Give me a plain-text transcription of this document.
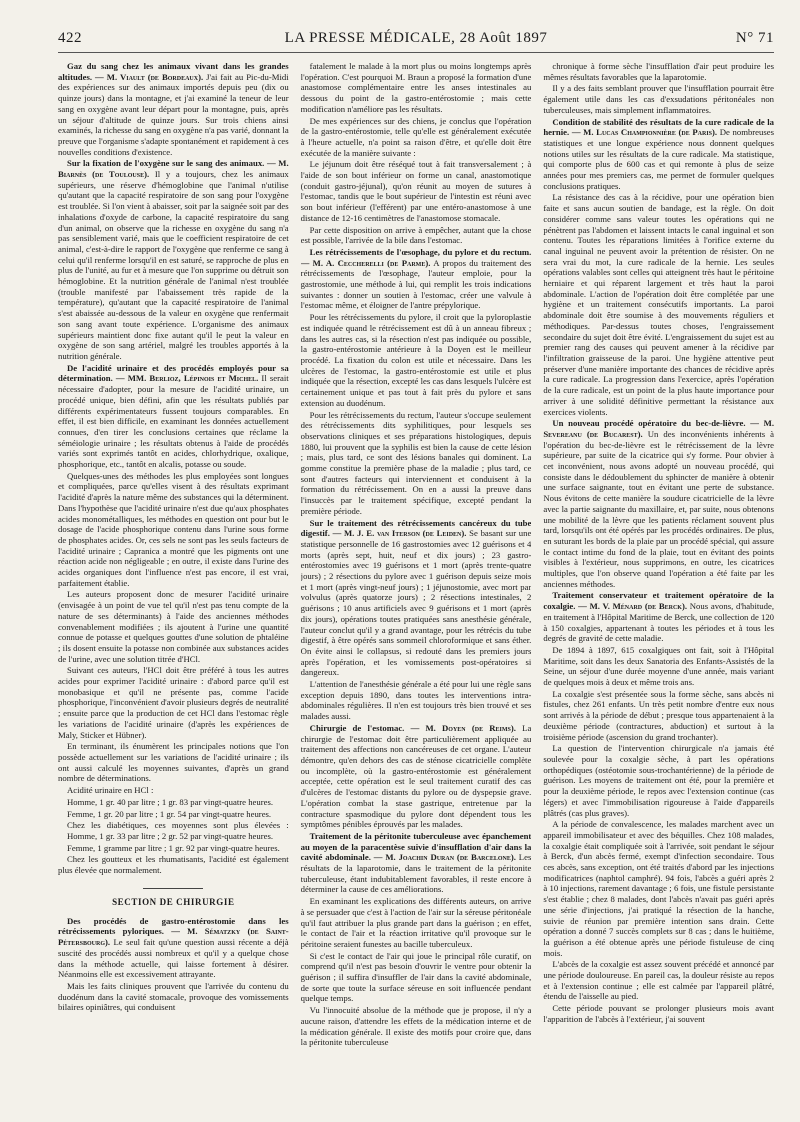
422	LA PRESSE MÉDICALE, 28 Août 1897	N° 71

Gaz du sang chez les animaux vivant dans les grandes altitudes. — M. Viault (de Bordeaux). J'ai fait au Pic-du-Midi des expériences sur des animaux importés depuis peu (dix ou quinze jours) dans la montagne, et j'ai examiné la teneur de leur sang en oxygène avant leur départ pour la montagne, puis, après un séjour d'altitude de quinze jours. Sur trois chiens ainsi examinés, la richesse du sang en oxygène n'a pas varié, donnant la preuve que l'organisme s'adapte spontanément et rapidement à ces nouvelles conditions d'existence.

Sur la fixation de l'oxygène sur le sang des animaux. — M. Biarnès (de Toulouse). Il y a toujours, chez les animaux supérieurs, une réserve d'hémoglobine que l'animal n'utilise qu'autant que la capacité respiratoire de son sang pour l'oxygène est troublée. Si l'on vient à abaisser, soit par la saignée soit par des inhalations d'oxyde de carbone, la capacité respiratoire du sang d'un animal, on observe que la richesse en oxygène du sang n'a pas sensiblement varié, mais que le coefficient respiratoire de cet animal, c'est-à-dire le rapport de l'oxygène que renferme ce sang à celui qu'il renferme lorsqu'il en est saturé, se rapproche de plus en plus de l'unité, au fur et à mesure que l'on supprime ou détruit son hémoglobine. Et la nutrition générale de l'animal n'est troublée (trouble manifesté par l'abaissement très rapide de la température), qu'autant que la capacité respiratoire de l'animal s'est abaissée au-dessous de la valeur en oxygène que renfermait son sang avant toute expérience. L'organisme des animaux supérieurs maintient donc fixe autant qu'il le peut la valeur en oxygène de son sang artériel, malgré les troubles apportés à la nutrition générale.

De l'acidité urinaire et des procédés employés pour sa détermination. — MM. Berlioz, Lépinois et Michel. Il serait nécessaire d'adopter, pour la mesure de l'acidité urinaire, un procédé unique, bien défini, afin que les résultats publiés par différents expérimentateurs fussent toujours comparables. En effet, il est bien difficile, en examinant les données actuellement connues, d'en tirer les conclusions certaines que réclame la séméiologie urinaire ; les résultats obtenus à l'aide de procédés variés sont exprimés tantôt en acides, chlorhydrique, oxalique, phosphorique, etc., tantôt en alcalis, potasse ou soude.

Quelques-unes des méthodes les plus employées sont longues et compliquées, parce qu'elles visent à des résultats exprimant l'acidité d'après la nature même des substances qui la déterminent. Dans l'hypothèse que l'acidité urinaire n'est due qu'aux phosphates acides monométalliques, les méthodes en question ont pour but le dosage de l'acide phosphorique contenu dans l'urine sous forme de phosphates acides. Or, ces sels ne sont pas les seuls facteurs de l'acidité urinaire ; Capranica a montré que les pigments ont une réaction acide non négligeable ; en outre, il existe dans l'urine des acides organiques dont l'influence n'est pas encore, il est vrai, parfaitement établie.

Les auteurs proposent donc de mesurer l'acidité urinaire (envisagée à un point de vue tel qu'il n'est pas tenu compte de la nature de ses déterminants) à l'aide des anciennes méthodes convenablement modifiées ; ils ajoutent à l'urine une quantité connue de potasse et quelques gouttes d'une solution de phtaléine ; ils dosent ensuite la potasse non combinée aux substances acides de l'urine, avec une solution titrée d'HCl.

Suivant ces auteurs, l'HCl doit être préféré à tous les autres acides pour exprimer l'acidité urinaire : d'abord parce qu'il est monobasique et qu'il ne présente pas, comme l'acide phosphorique, l'inconvénient d'avoir plusieurs degrés de neutralité ; ensuite parce que la production de cet HCl dans l'estomac règle les variations de l'acidité urinaire (d'après les expériences de Maly, Sticker et Hübner).

En terminant, ils énumèrent les principales notions que l'on possède actuellement sur les variations de l'acidité urinaire ; ils ont aussi calculé les moyennes suivantes, d'après un grand nombre de déterminations.

Acidité urinaire en HCl :

Homme, 1 gr. 40 par litre ; 1 gr. 83 par vingt-quatre heures.

Femme, 1 gr. 20 par litre ; 1 gr. 54 par vingt-quatre heures.

Chez les diabétiques, ces moyennes sont plus élevées : Homme, 1 gr. 33 par litre ; 2 gr. 52 par vingt-quatre heures.

Femme, 1 gramme par litre ; 1 gr. 92 par vingt-quatre heures.

Chez les goutteux et les rhumatisants, l'acidité est également plus élevée que normalement.

SECTION DE CHIRURGIE

Des procédés de gastro-entérostomie dans les rétrécissements pyloriques. — M. Sématzky (de Saint-Pétersbourg). Le seul fait qu'une question aussi récente a déjà suscité des procédés aussi nombreux et qu'il y a quelque chose dans la méthode actuelle, qui laisse fortement à désirer. Néanmoins elle est excessivement attrayante.

Mais les faits cliniques prouvent que l'arrivée du contenu du duodénum dans la cavité stomacale, provoque des vomissements bilaires opiniâtres, qui conduisent

fatalement le malade à la mort plus ou moins longtemps après l'opération. C'est pourquoi M. Braun a proposé la formation d'une anastomose complémentaire entre les anses intestinales au dessous du point de la gastro-entérostomie ; mais cette modification n'améliore pas les résultats.

De mes expériences sur des chiens, je conclus que l'opération de la gastro-entérostomie, telle qu'elle est généralement exécutée à l'heure actuelle, n'a point sa raison d'être, et qu'elle doit être exécutée de la manière suivante :

Le jéjunum doit être réséqué tout à fait transversalement ; à l'aide de son bout inférieur on forme un canal, anastomotique (conduit gastro-jéjunal), qu'on réunit au moyen de sutures à l'estomac, tandis que le bout supérieur de l'intestin est réuni avec son bout inférieur (l'efférent) par une entéro-anastomose à une distance de 12-16 centimètres de l'anastomose stomacale.

Par cette disposition on arrive à empêcher, autant que la chose est possible, l'arrivée de la bile dans l'estomac.

Les rétrécissements de l'œsophage, du pylore et du rectum. — M. A. Ceccherelli (de Parme). A propos du traitement des rétrécissements de l'œsophage, l'auteur emploie, pour la gastrostomie, une méthode à lui, qui remplit les trois indications suivantes : donner un soutien à l'estomac, créer une valvule à l'estomac même, et éloigner de l'antre prépylorique.

Pour les rétrécissements du pylore, il croit que la pyloroplastie est indiquée quand le rétrécissement est dû à un anneau fibreux ; dans les autres cas, si la résection n'est pas indiquée ou possible, la gastro-entérostomie antérieure à la Doyen est le meilleur procédé. La fixation du colon est utile et nécessaire. Dans les ulcères de l'estomac, la gastro-entérostomie est utile et plus indiquée que la résection, excepté les cas dans lesquels l'ulcère est certainement unique et pas tout à fait près du pylore et sans extension au duodénum.

Pour les rétrécissements du rectum, l'auteur s'occupe seulement des rétrécissements dits syphilitiques, pour lesquels ses observations cliniques et ses préparations histologiques, depuis 1880, lui prouvent que la syphilis est bien la cause de cette lésion ; mais, plus tard, ce sont des lésions banales qui dominent. La gomme constitue la première phase de la maladie ; plus tard, ce sont d'autres facteurs qui interviennent et conduisent à la formation du rétrécissement. On en a aussi la preuve dans l'insuccès par le traitement spécifique, excepté pendant la première période.

Sur le traitement des rétrécissements cancéreux du tube digestif. — M. J. E. van Iterson (de Leiden). Se basant sur une statistique personnelle de 16 gastrostomies avec 12 guérisons et 4 morts (après sept, huit, neuf et dix jours) ; 23 gastro-entérostomies avec 19 guérisons et 1 mort (après trente-quatre jours) ; 2 résections du pylore avec 1 guérison depuis seize mois et 1 mort (après vingt-neuf jours) ; 1 jéjunostomie, avec mort par volvulus (après quatorze jours) ; 2 résections intestinales, 2 guérisons ; 10 anus artificiels avec 9 guérisons et 1 mort (après dix jours), opérations toutes pratiquées sans anesthésie générale, l'auteur conclut qu'il y a grand avantage, pour les rétrécis du tube digestif, à être opérés sans sommeil chloroformique et sans éther. On évite ainsi le collapsus, si redouté dans les premiers jours après l'opération, et les vomissements post-opératoires si dangereux.

L'attention de l'anesthésie générale a été pour lui une règle sans exception depuis 1890, dans toutes les interventions intra-abdominales régulières. Il n'en est toujours très bien trouvé et ses malades aussi.

Chirurgie de l'estomac. — M. Doyen (de Reims). La chirurgie de l'estomac doit être particulièrement appliquée au traitement des affections non cancéreuses de cet organe. L'auteur démontre, qu'en dehors des cas de sténose cicatricielle complète ou incomplète, où la gastro-entérostomie est généralement acceptée, cette opération est le seul traitement curatif des cas d'ulcères de l'estomac distants du pylore ou de dyspepsie grave. L'opération combat la stase gastrique, entretenue par la contracture spasmodique du pylore dont dépendent tous les symptômes pénibles éprouvés par les malades.

Traitement de la péritonite tuberculeuse avec épanchement au moyen de la paracentèse suivie d'insufflation d'air dans la cavité abdominale. — M. Joachin Duran (de Barcelone). Les résultats de la laparotomie, dans le traitement de la péritonite tuberculeuse, étant indubitablement favorables, il reste encore à déterminer la cause de ces améliorations.

En examinant les explications des différents auteurs, on arrive à se persuader que c'est à l'action de l'air sur la séreuse péritonéale qu'il faut attribuer la plus grande part dans la guérison ; en effet, le contact de l'air et la réaction irritative qu'il provoque sur le péritoine seraient funestes au bacille tuberculeux.

Si c'est le contact de l'air qui joue le principal rôle curatif, on comprend qu'il n'est pas besoin d'ouvrir le ventre pour obtenir la guérison ; il suffira d'insuffler de l'air dans la cavité abdominale, de sorte que toute la surface séreuse en soit influencée pendant quelque temps.

Vu l'innocuité absolue de la méthode que je propose, il n'y a aucune raison, d'attendre les effets de la médication interne et de la médication générale. Il existe des motifs pour croire que, dans la péritonite tuberculeuse

chronique à forme sèche l'insufflation d'air peut produire les mêmes résultats favorables que la laparotomie.

Il y a des faits semblant prouver que l'insufflation pourrait être également utile dans les cas d'exsudations péritonéales non tuberculeuses, mais simplement inflammatoires.

Condition de stabilité des résultats de la cure radicale de la hernie. — M. Lucas Championnière (de Paris). De nombreuses statistiques et une longue expérience nous donnent quelques notions utiles sur les résultats de la cure radicale. Ma statistique, qui comporte plus de 600 cas et qui remonte à plus de seize années pour mes premiers cas, me permet de formuler quelques conclusions pratiques.

La résistance des cas à la récidive, pour une opération bien faite et sans aucun soutien de bandage, est la règle. On doit considérer comme sans valeur toutes les opérations qui ne pénètrent pas l'abdomen et laissent intacts le canal inguinal et son contenu. Toutes les réparations limitées à l'orifice externe du canal inguinal ne peuvent avoir la prétention de résister. On ne sera vrai du mot, la cure radicale de la hernie. Les seules opérations valables sont celles qui atteignent très haut le péritoine herniaire et qui réparent largement et très haut la paroi abdominale. L'action de l'opération doit être complétée par une hygiène et un traitement consécutifs importants. La paroi abdominale doit être soumise à des mouvements réguliers et méthodiques. Par-dessus toutes choses, l'engraissement secondaire du sujet doit être évité. L'engraissement du sujet est au premier rang des causes qui peuvent amener à la récidive par l'infiltration graisseuse de la paroi. Une hygiène attentive peut préserver d'une manière importante des chances de récidive après la cure radicale. La progression dans l'exercice, après l'opération de la cure radicale, est un point de la plus haute importance pour arriver à une solidité définitive permettant la résistance aux exercices violents.

Un nouveau procédé opératoire du bec-de-lièvre. — M. Severeanu (de Bucarest). Un des inconvénients inhérents à l'opération du bec-de-lièvre est le rétrécissement de la lèvre supérieure, par suite de la cicatrice qui s'y forme. Pour obvier à cet inconvénient, nous avons adopté un nouveau procédé, qui consiste dans le dédoublement du sphincter de manière à obtenir une surface saignante, tout en évitant une perte de substance. Nous évitons de cette manière la soudure cicatricielle de la lèvre avec la partie saignante du maxillaire, et, par suite, nous obtenons une mobilité de la lèvre que les patients réclament souvent plus tard, lorsqu'ils ont été opérés par les procédés ordinaires. De plus, en suturant les bords de la plaie par un procédé spécial, qui assure le contact intime du fond de la plaie, tout en évitant des points visibles à l'extérieur, nous supprimons, en outre, les cicatrices multiples, que l'on observe quand l'opération a été faite par les anciennes méthodes.

Traitement conservateur et traitement opératoire de la coxalgie. — M. V. Ménard (de Berck). Nous avons, d'habitude, en traitement à l'Hôpital Maritime de Berck, une collection de 120 à 150 coxalgies, appartenant à toutes les périodes et à tous les degrés de gravité de cette maladie.

De 1894 à 1897, 615 coxalgiques ont fait, soit à l'Hôpital Maritime, soit dans les deux Sanatoria des Enfants-Assistés de la Seine, un séjour d'une durée moyenne d'une année, mais variant de quelques mois à deux et même trois ans.

La coxalgie s'est présentée sous la forme sèche, sans abcès ni fistules, chez 261 enfants. Un très petit nombre d'entre eux nous sont arrivés à la période de début ; presque tous appartenaient à la deuxième période (contractures, abduction) et surtout à la troisième période (ascension du grand trochanter).

La question de l'intervention chirurgicale n'a jamais été soulevée pour la coxalgie sèche, à part les opérations orthopédiques (ostéotomie sous-trochantérienne) de la période de guérison. Les moyens de traitement ont été, pour la première et pour la deuxième période, le repos avec l'extension continue (cas légers) et avec l'immobilisation rigoureuse à l'aide d'appareils plâtrés (cas plus graves).

A la période de convalescence, les malades marchent avec un appareil immobilisateur et avec des béquilles. Chez 108 malades, la coxalgie était compliquée soit à l'arrivée, soit pendant le séjour à Berck, d'un abcès fermé, exempt d'infection secondaire. Tous ces abcès, sans exception, ont été traités d'abord par les injections modificatrices (naphtol camphré). 94 fois, l'abcès a guéri après 2 à 10 injections, rarement davantage ; 6 fois, une fistule persistante s'est établie ; chez 8 malades, dont l'abcès n'avait pas guéri après une série d'injections, j'ai pratiqué la résection de la hanche, suivie de réunion par première intention sans drain. Cette opération a donné 7 succès complets sur 8 cas ; dans le huitième, la guérison a été obtenue après une période fistuleuse de cinq mois.

L'abcès de la coxalgie est assez souvent précédé et annoncé par une période douloureuse. En pareil cas, la douleur résiste au repos et à l'extension continue ; elle est calmée par l'appareil plâtré, étendu de l'aisselle au pied.

Cette période pouvant se prolonger plusieurs mois avant l'apparition de l'abcès à l'extérieur, j'ai souvent
